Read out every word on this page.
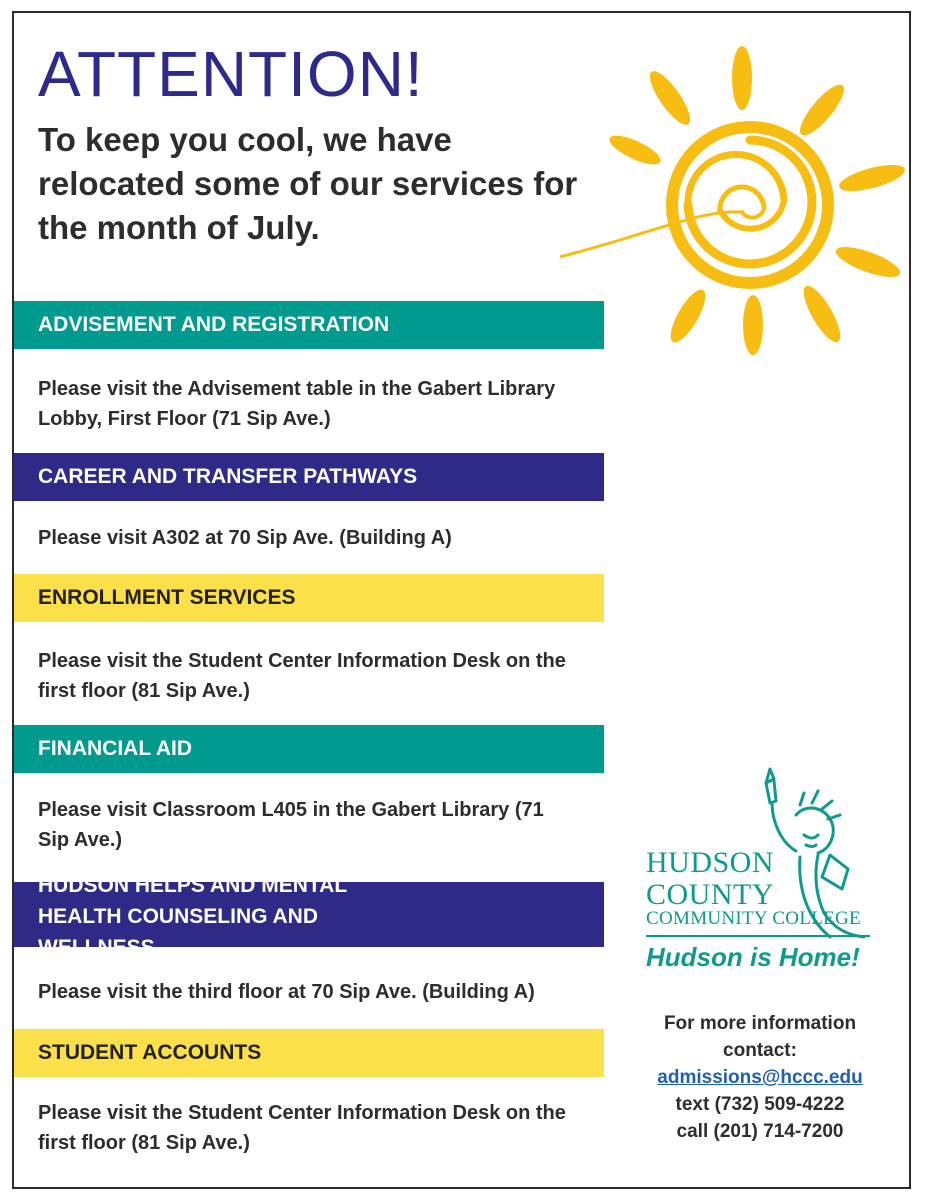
ATTENTION!

To keep you cool, we have relocated some of our services for the month of July.

ADVISEMENT AND REGISTRATION

Please visit the Advisement table in the Gabert Library Lobby, First Floor (71 Sip Ave.)

CAREER AND TRANSFER PATHWAYS

Please visit A302 at 70 Sip Ave. (Building A)

ENROLLMENT SERVICES

Please visit the Student Center Information Desk on the first floor (81 Sip Ave.)

FINANCIAL AID

Please visit Classroom L405 in the Gabert Library (71 Sip Ave.)

HUDSON HELPS AND MENTAL HEALTH COUNSELING AND WELLNESS

Please visit the third floor at 70 Sip Ave. (Building A)

STUDENT ACCOUNTS

Please visit the Student Center Information Desk on the first floor (81 Sip Ave.)

HUDSON
COUNTY

COMMUNITY COLLEGE

Hudson is Home!

For more information contact:
admissions@hccc.edu
text (732) 509-4222
call (201) 714-7200
